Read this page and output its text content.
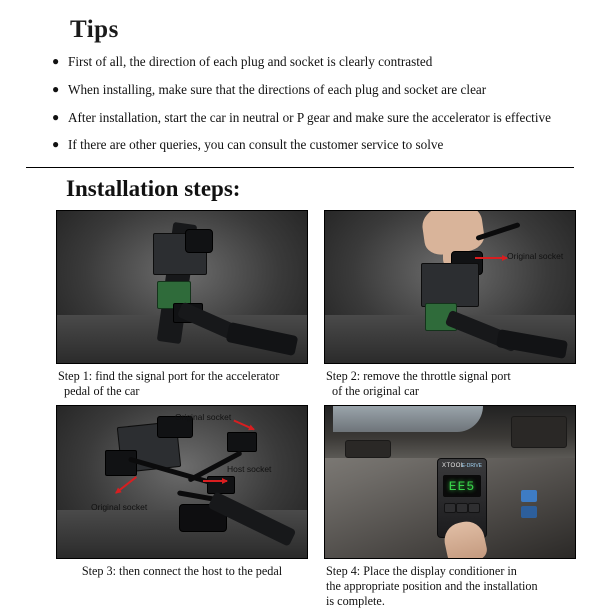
Tips
● First of all, the direction of each plug and socket is clearly contrasted
● When installing, make sure that the directions of each plug and socket are clear
● After installation, start the car in neutral or P gear and make sure the accelerator is effective
● If there are other queries, you can consult the customer service to solve
Installation steps:
Step 1: find the signal port for the accelerator
pedal of the car
Original socket
Step 2: remove the throttle signal port
of the original car
Original socket
Host socket
Original socket
Step 3: then connect the host to the pedal
XTOOL
E-DRIVE
EE5
Step 4: Place the display conditioner in
the appropriate position and the installation
is complete.
